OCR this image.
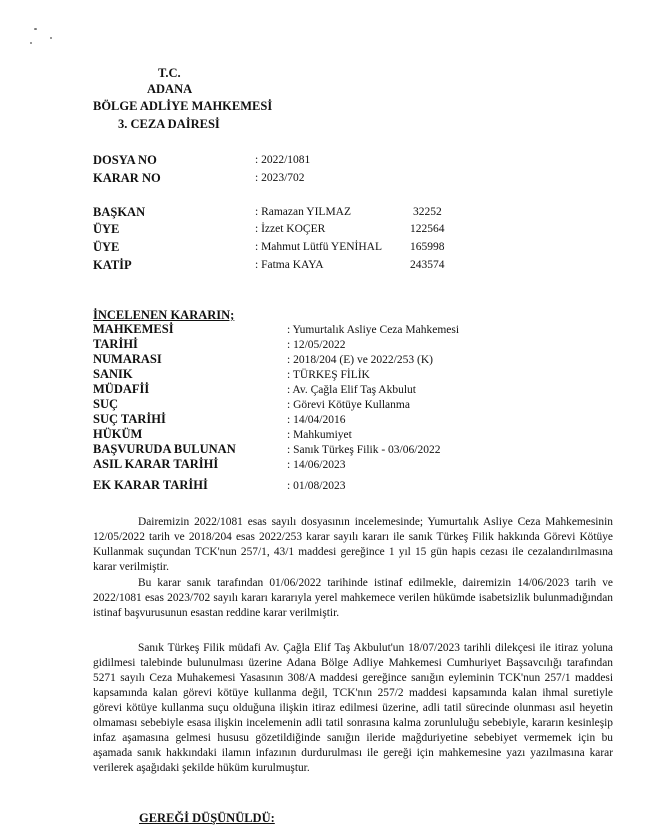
T.C.
ADANA
BÖLGE ADLİYE MAHKEMESİ
3. CEZA DAİRESİ
DOSYA NO	: 2022/1081
KARAR NO	: 2023/702
BAŞKAN	: Ramazan YILMAZ	32252
ÜYE	: İzzet KOÇER	122564
ÜYE	: Mahmut Lütfü YENİHAL 165998
KATİP	: Fatma KAYA	243574
İNCELENEN KARARIN;
MAHKEMESİ	: Yumurtalık Asliye Ceza Mahkemesi
TARİHİ	: 12/05/2022
NUMARASI	: 2018/204 (E) ve 2022/253 (K)
SANIK	: TÜRKEŞ FİLİK
MÜDAFİİ	: Av. Çağla Elif Taş Akbulut
SUÇ	: Görevi Kötüye Kullanma
SUÇ TARİHİ	: 14/04/2016
HÜKÜM	: Mahkumiyet
BAŞVURUDA BULUNAN	: Sanık Türkeş Filik - 03/06/2022
ASIL KARAR TARİHİ	: 14/06/2023
EK KARAR TARİHİ	: 01/08/2023
Dairemizin 2022/1081 esas sayılı dosyasının incelemesinde; Yumurtalık Asliye Ceza Mahkemesinin 12/05/2022 tarih ve 2018/204 esas 2022/253 karar sayılı kararı ile sanık Türkeş Filik hakkında Görevi Kötüye Kullanmak suçundan TCK'nun 257/1, 43/1 maddesi gereğince 1 yıl 15 gün hapis cezası ile cezalandırılmasına karar verilmiştir.
Bu karar sanık tarafından 01/06/2022 tarihinde istinaf edilmekle, dairemizin 14/06/2023 tarih ve 2022/1081 esas 2023/702 sayılı kararı kararıyla yerel mahkemece verilen hükümde isabetsizlik bulunmadığından istinaf başvurusunun esastan reddine karar verilmiştir.
Sanık Türkeş Filik müdafi Av. Çağla Elif Taş Akbulut'un 18/07/2023 tarihli dilekçesi ile itiraz yoluna gidilmesi talebinde bulunulması üzerine Adana Bölge Adliye Mahkemesi Cumhuriyet Başsavcılığı tarafından 5271 sayılı Ceza Muhakemesi Yasasının 308/A maddesi gereğince sanığın eyleminin TCK'nun 257/1 maddesi kapsamında kalan görevi kötüye kullanma değil, TCK'nın 257/2 maddesi kapsamında kalan ihmal suretiyle görevi kötüye kullanma suçu olduğuna ilişkin itiraz edilmesi üzerine, adli tatil sürecinde olunması asıl heyetin olmaması sebebiyle esasa ilişkin incelemenin adli tatil sonrasına kalma zorunluluğu sebebiyle, kararın kesinleşip infaz aşamasına gelmesi hususu gözetildiğinde sanığın ileride mağduriyetine sebebiyet vermemek için bu aşamada sanık hakkındaki ilamın infazının durdurulması ile gereği için mahkemesine yazı yazılmasına karar verilerek aşağıdaki şekilde hüküm kurulmuştur.
GEREĞİ DÜŞÜNÜLDÜ:
